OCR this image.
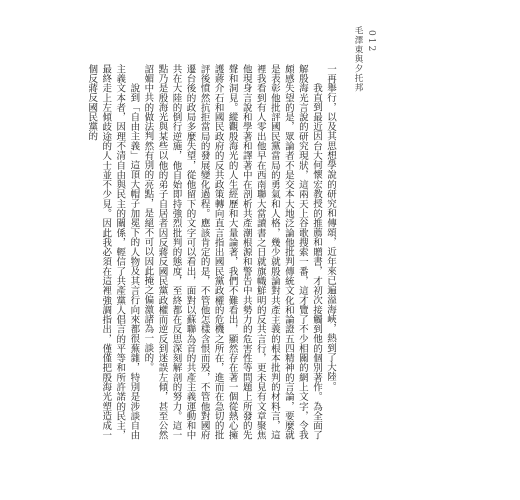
毛澤東與夕托邦 012

一再舉行，以及其思想學說的研究和傳頌，近年來已遍溢海峽，熱到了大陸。

我直到最近因台大何懷宏教授的推薦和贈書，才初次接觸到他的個別著作。為全面了解殷海光言說的研究現狀，這兩天上谷歌搜索一番，這才覽了不少相關的網上文字，令我頗感失望的是，眾論者不是交本大地泛論他批判傳統文化和論證五四精神的言論，要麼就是表彰他批評國民黨當局的勇氣和人格，幾少就殷論對共產主義的根本批判的材料言，這裡我看到有人零出他早在西南聯大當讀書之日就旗幟鮮明的反共言行，更未見有文章聚焦他現身言說和學著和譯著中在剖析共產潮根源和警告中共勢力的危害性等問題上所發的先聲和洞見。縱觀殷海光的人生經歷和大量論著，我們不難看出，顯然存在著一個從熱心擁護蔣介石和國民政府的反共政策轉向直言指出國民黨政權的危機之所在，進而在急切的批評後憤然抗拒當局的發展變化過程。應該肯定的是，不管他怎樣含恨而殁，不管他對國府遷台後的政局多麼失望，從他留下的文字可以看出，面對以蘇聯為首的共產主義運動和中共在大陸的倒行逆施，他自始即持強烈批判的態度，至終都在反思深刻解剖的努力。這一點乃是殷海光與某些以他的弟子自居者因反蔣反國民黨政權而逆反到迷誤左傾，甚至公然詔媚中共的做法判然有別的亮點，是絕不可以因此掩之偏激諸為一談的。

說到「自由主義」這頂大帽子加冕下的人物及其言行向來都很蕪雜，特別是涉談自由主義文本者，因理不清自由與民主的關係，輕信了共產黨人倡言的平等和所許諾的民主，最終走上左傾歧途的人士並不少見。因此我必須在這裡強調指出，僅僅把殷海光塑造成一個反蔣反國民黨的
